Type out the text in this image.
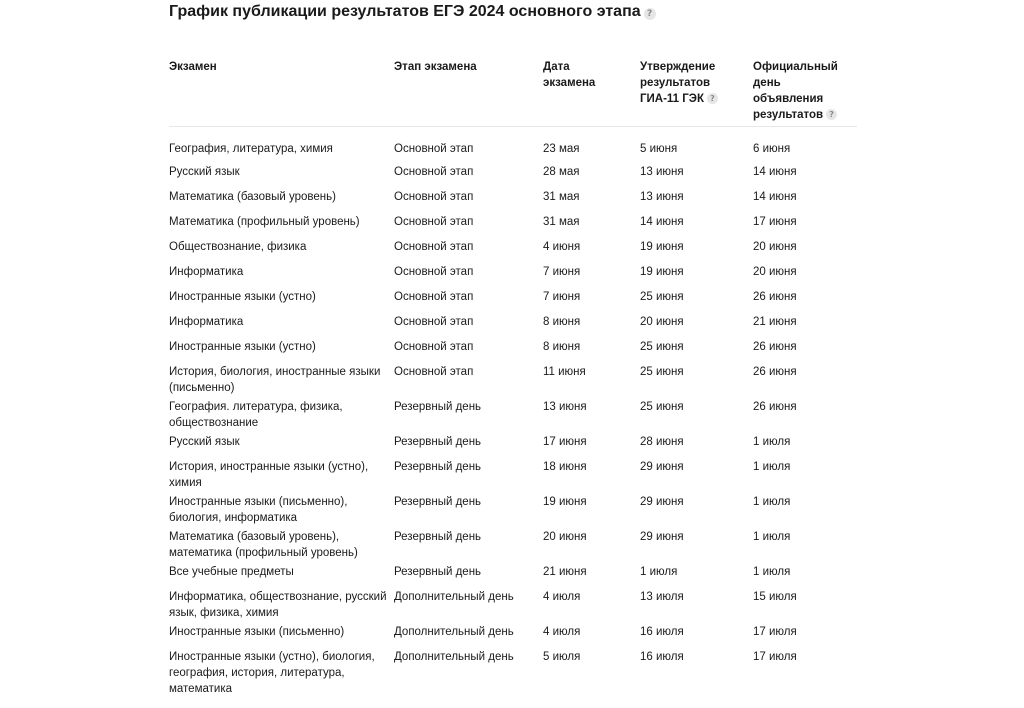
График публикации результатов ЕГЭ 2024 основного этапа ?
Экзамен	Этап экзамена	Дата экзамена	Утверждение результатов ГИА-11 ГЭК ?	Официальный день объявления результатов ?
География, литература, химия	Основной этап	23 мая	5 июня	6 июня
Русский язык	Основной этап	28 мая	13 июня	14 июня
Математика (базовый уровень)	Основной этап	31 мая	13 июня	14 июня
Математика (профильный уровень)	Основной этап	31 мая	14 июня	17 июня
Обществознание, физика	Основной этап	4 июня	19 июня	20 июня
Информатика	Основной этап	7 июня	19 июня	20 июня
Иностранные языки (устно)	Основной этап	7 июня	25 июня	26 июня
Информатика	Основной этап	8 июня	20 июня	21 июня
Иностранные языки (устно)	Основной этап	8 июня	25 июня	26 июня
История, биология, иностранные языки (письменно)	Основной этап	11 июня	25 июня	26 июня
География. литература, физика, обществознание	Резервный день	13 июня	25 июня	26 июня
Русский язык	Резервный день	17 июня	28 июня	1 июля
История, иностранные языки (устно), химия	Резервный день	18 июня	29 июня	1 июля
Иностранные языки (письменно), биология, информатика	Резервный день	19 июня	29 июня	1 июля
Математика (базовый уровень), математика (профильный уровень)	Резервный день	20 июня	29 июня	1 июля
Все учебные предметы	Резервный день	21 июня	1 июля	1 июля
Информатика, обществознание, русский язык, физика, химия	Дополнительный день	4 июля	13 июля	15 июля
Иностранные языки (письменно)	Дополнительный день	4 июля	16 июля	17 июля
Иностранные языки (устно), биология, география, история, литература, математика	Дополнительный день	5 июля	16 июля	17 июля
